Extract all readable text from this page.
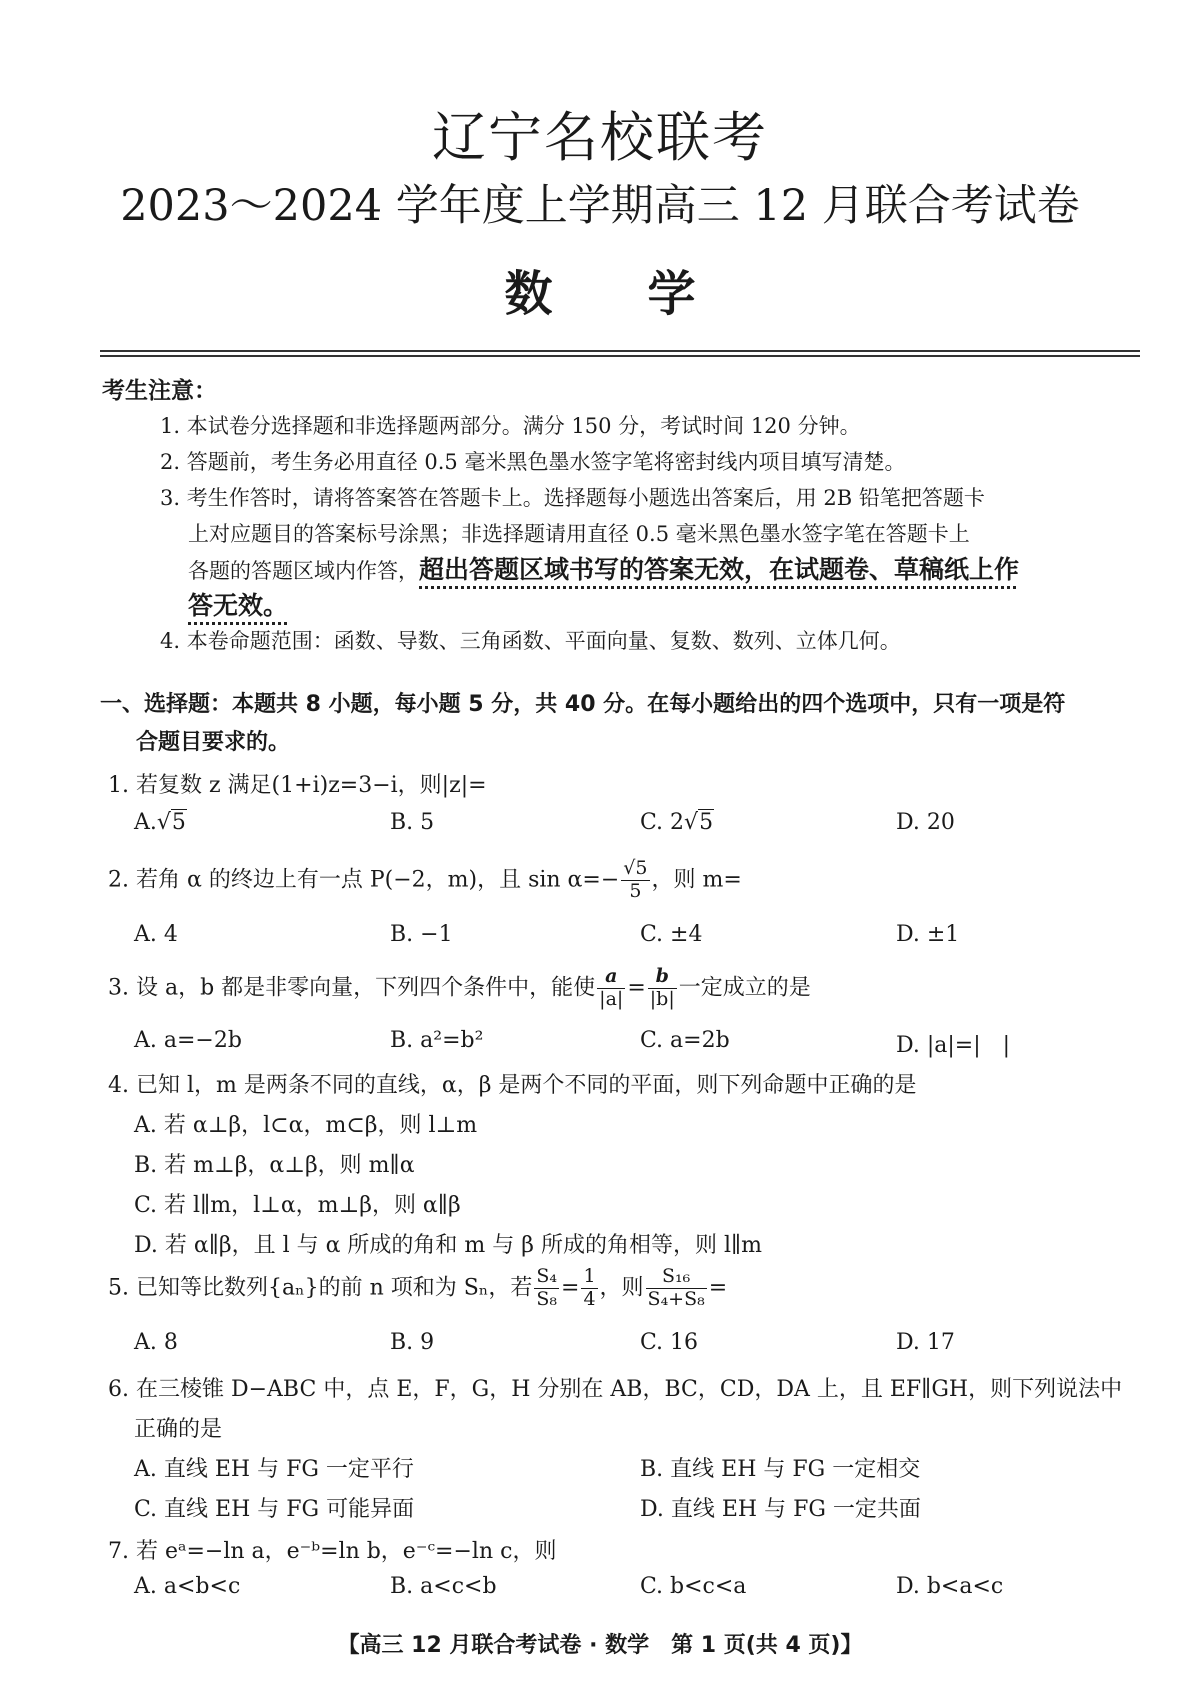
辽宁名校联考
2023～2024 学年度上学期高三 12 月联合考试卷
数学
考生注意：
1. 本试卷分选择题和非选择题两部分。满分 150 分，考试时间 120 分钟。
2. 答题前，考生务必用直径 0.5 毫米黑色墨水签字笔将密封线内项目填写清楚。
3. 考生作答时，请将答案答在答题卡上。选择题每小题选出答案后，用 2B 铅笔把答题卡
上对应题目的答案标号涂黑；非选择题请用直径 0.5 毫米黑色墨水签字笔在答题卡上
各题的答题区域内作答，超出答题区域书写的答案无效，在试题卷、草稿纸上作
答无效。
4. 本卷命题范围：函数、导数、三角函数、平面向量、复数、数列、立体几何。
一、选择题：本题共 8 小题，每小题 5 分，共 40 分。在每小题给出的四个选项中，只有一项是符
合题目要求的。
1. 若复数 z 满足(1+i)z=3−i，则|z|=
A.√5	B. 5	C. 2√5	D. 20
2. 若角 α 的终边上有一点 P(−2，m)，且 $\sin \alpha=- \frac{√5}{5}$ ，则 m=
A. 4	B. −1	C. ±4	D. ±1
3. 设 a，b 都是非零向量，下列四个条件中，能使 $\frac{a}{|a|} = \frac{b}{|b|}$ 一定成立的是
A. a=−2b	B. a²=b²	C. a=2b	D. |a|=|　|
4. 已知 l，m 是两条不同的直线，α，β 是两个不同的平面，则下列命题中正确的是
A. 若 α⊥β，l⊂α，m⊂β，则 l⊥m
B. 若 m⊥β，α⊥β，则 m∥α
C. 若 l∥m，l⊥α，m⊥β，则 α∥β
D. 若 α∥β，且 l 与 α 所成的角和 m 与 β 所成的角相等，则 l∥m
5. 已知等比数列{aₙ}的前 n 项和为 Sₙ，若 $\frac{\text{S₄}}{\text{S₈}} = \frac{1}{4}$ ，则 $\frac{\text{S₁₆}}{\text{S₄+S₈}}$ =
A. 8	B. 9	C. 16	D. 17
6. 在三棱锥 D−ABC 中，点 E，F，G，H 分别在 AB，BC，CD，DA 上，且 EF∥GH，则下列说法中
正确的是
A. 直线 EH 与 FG 一定平行	B. 直线 EH 与 FG 一定相交
C. 直线 EH 与 FG 可能异面	D. 直线 EH 与 FG 一定共面
7. 若 eᵃ=−ln a，e⁻ᵇ=ln b，e⁻ᶜ=−ln c，则
A. a<b<c	B. a<c<b	C. b<c<a	D. b<a<c
【高三 12 月联合考试卷 · 数学　第 1 页(共 4 页)】
